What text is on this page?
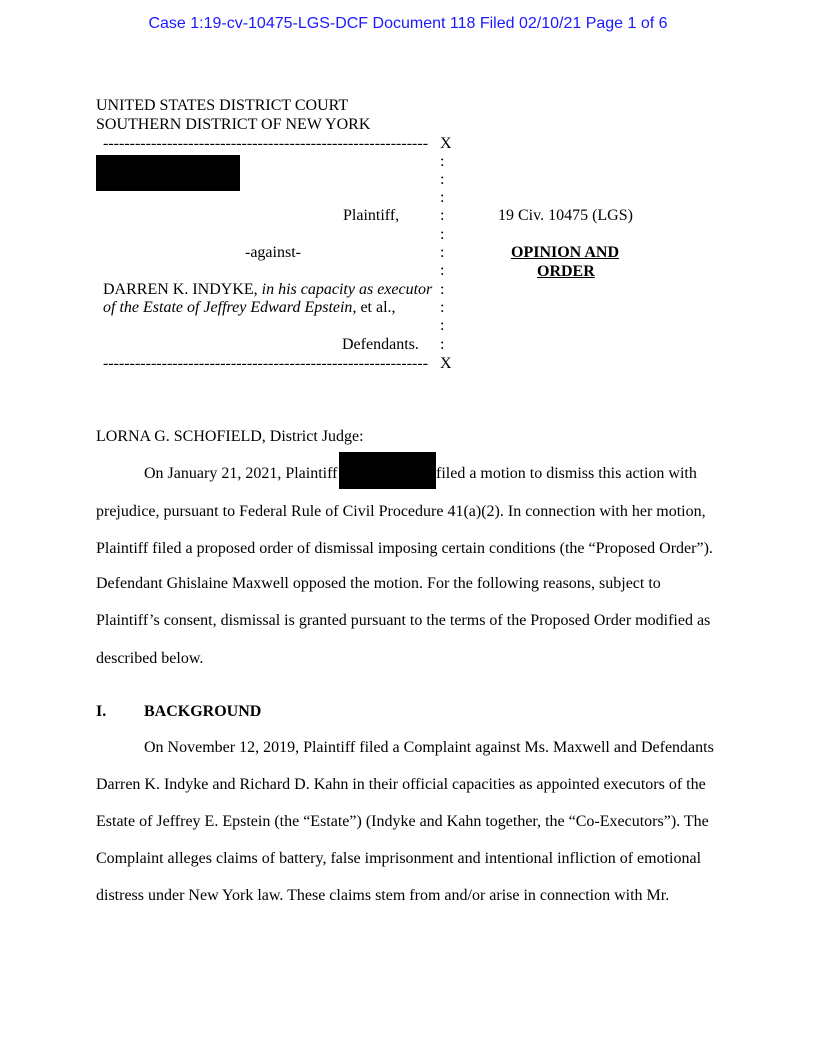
Case 1:19-cv-10475-LGS-DCF Document 118 Filed 02/10/21 Page 1 of 6
UNITED STATES DISTRICT COURT
SOUTHERN DISTRICT OF NEW YORK
------------------------------------------------------------- X
:
:
:
:
:
:
:
:
:
:
:
Plaintiff,	19 Civ. 10475 (LGS)
-against-	OPINION AND
ORDER
DARREN K. INDYKE, in his capacity as executor
of the Estate of Jeffrey Edward Epstein, et al.,
Defendants.
------------------------------------------------------------- X
LORNA G. SCHOFIELD, District Judge:
On January 21, 2021, Plaintiff	filed a motion to dismiss this action with
prejudice, pursuant to Federal Rule of Civil Procedure 41(a)(2). In connection with her motion,
Plaintiff filed a proposed order of dismissal imposing certain conditions (the “Proposed Order”).
Defendant Ghislaine Maxwell opposed the motion. For the following reasons, subject to
Plaintiff’s consent, dismissal is granted pursuant to the terms of the Proposed Order modified as
described below.
I. BACKGROUND
On November 12, 2019, Plaintiff filed a Complaint against Ms. Maxwell and Defendants
Darren K. Indyke and Richard D. Kahn in their official capacities as appointed executors of the
Estate of Jeffrey E. Epstein (the “Estate”) (Indyke and Kahn together, the “Co-Executors”). The
Complaint alleges claims of battery, false imprisonment and intentional infliction of emotional
distress under New York law. These claims stem from and/or arise in connection with Mr.
